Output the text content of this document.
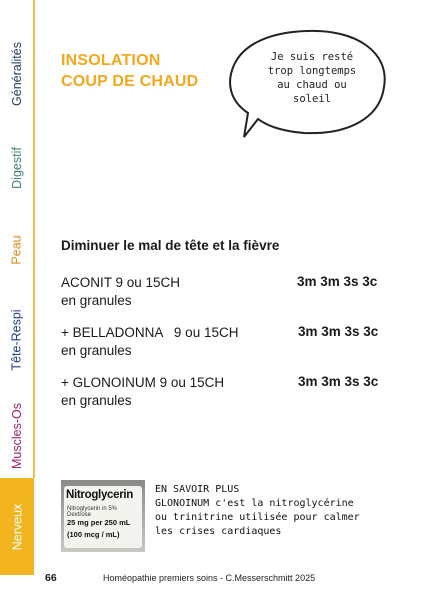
Généralités
Digestif
Peau
Tête-Respi
Muscles-Os
Nerveux
INSOLATION
COUP DE CHAUD
Je suis resté
trop longtemps
au chaud ou
soleil
Diminuer le mal de tête et la fièvre
ACONIT 9 ou 15CH
en granules
3m 3m 3s 3c
+ BELLADONNA   9 ou 15CH
en granules
3m 3m 3s 3c
+ GLONOINUM 9 ou 15CH
en granules
3m 3m 3s 3c
Nitroglycerin
Nitroglycerin in 5% Dextrose
25 mg per 250 mL
(100 mcg / mL)
EN SAVOIR PLUS
GLONOINUM c'est la nitroglycérine
ou trinitrine utilisée pour calmer
les crises cardiaques
66	Homéopathie premiers soins - C.Messerschmitt 2025
